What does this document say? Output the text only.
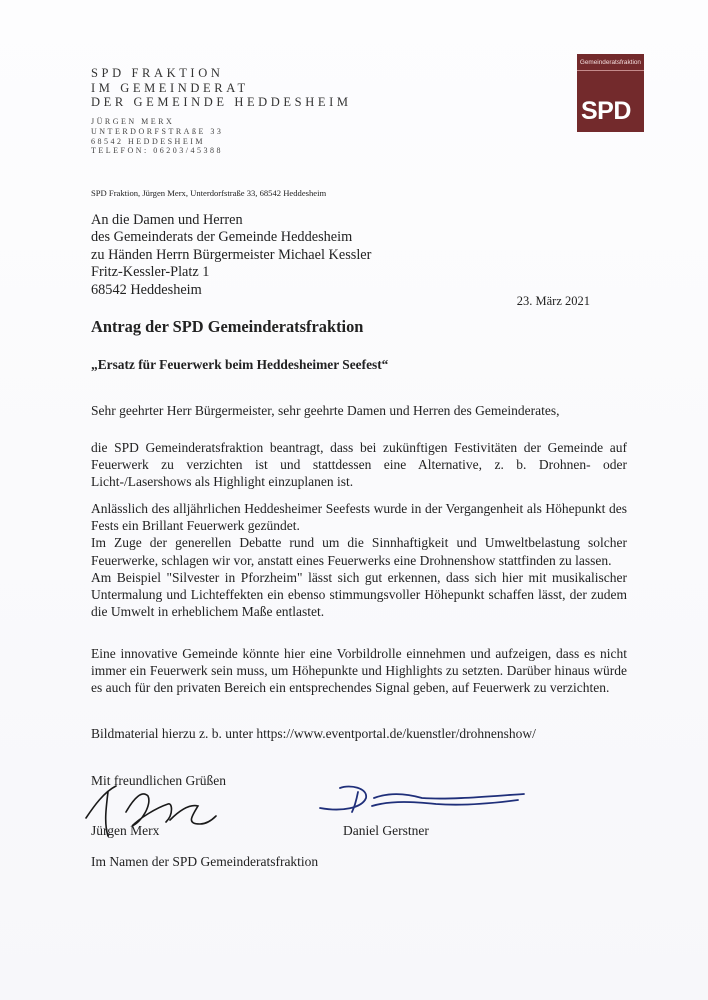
SPD FRAKTION
IM GEMEINDERAT
DER GEMEINDE HEDDESHEIM
JÜRGEN MERX
UNTERDORFSTRAßE 33
68542 HEDDESHEIM
TELEFON: 06203/45388
Gemeinderatsfraktion
SPD
SPD Fraktion, Jürgen Merx, Unterdorfstraße 33, 68542 Heddesheim
An die Damen und Herren
des Gemeinderats der Gemeinde Heddesheim
zu Händen Herrn Bürgermeister Michael Kessler
Fritz-Kessler-Platz 1
68542 Heddesheim
23. März 2021
Antrag der SPD Gemeinderatsfraktion
„Ersatz für Feuerwerk beim Heddesheimer Seefest“
Sehr geehrter Herr Bürgermeister, sehr geehrte Damen und Herren des Gemeinderates,
die SPD Gemeinderatsfraktion beantragt, dass bei zukünftigen Festivitäten der Gemeinde auf Feuerwerk zu verzichten ist und stattdessen eine Alternative, z. b. Drohnen- oder Licht-/Lasershows als Highlight einzuplanen ist.

Anlässlich des alljährlichen Heddesheimer Seefests wurde in der Vergangenheit als Höhepunkt des Fests ein Brillant Feuerwerk gezündet.

Im Zuge der generellen Debatte rund um die Sinnhaftigkeit und Umweltbelastung solcher Feuerwerke, schlagen wir vor, anstatt eines Feuerwerks eine Drohnenshow stattfinden zu lassen.

Am Beispiel "Silvester in Pforzheim" lässt sich gut erkennen, dass sich hier mit musikalischer Untermalung und Lichteffekten ein ebenso stimmungsvoller Höhepunkt schaffen lässt, der zudem die Umwelt in erheblichem Maße entlastet.

Eine innovative Gemeinde könnte hier eine Vorbildrolle einnehmen und aufzeigen, dass es nicht immer ein Feuerwerk sein muss, um Höhepunkte und Highlights zu setzten. Darüber hinaus würde es auch für den privaten Bereich ein entsprechendes Signal geben, auf Feuerwerk zu verzichten.
Bildmaterial hierzu z. b. unter https://www.eventportal.de/kuenstler/drohnenshow/
Mit freundlichen Grüßen
Jürgen Merx	Daniel Gerstner
Im Namen der SPD Gemeinderatsfraktion
